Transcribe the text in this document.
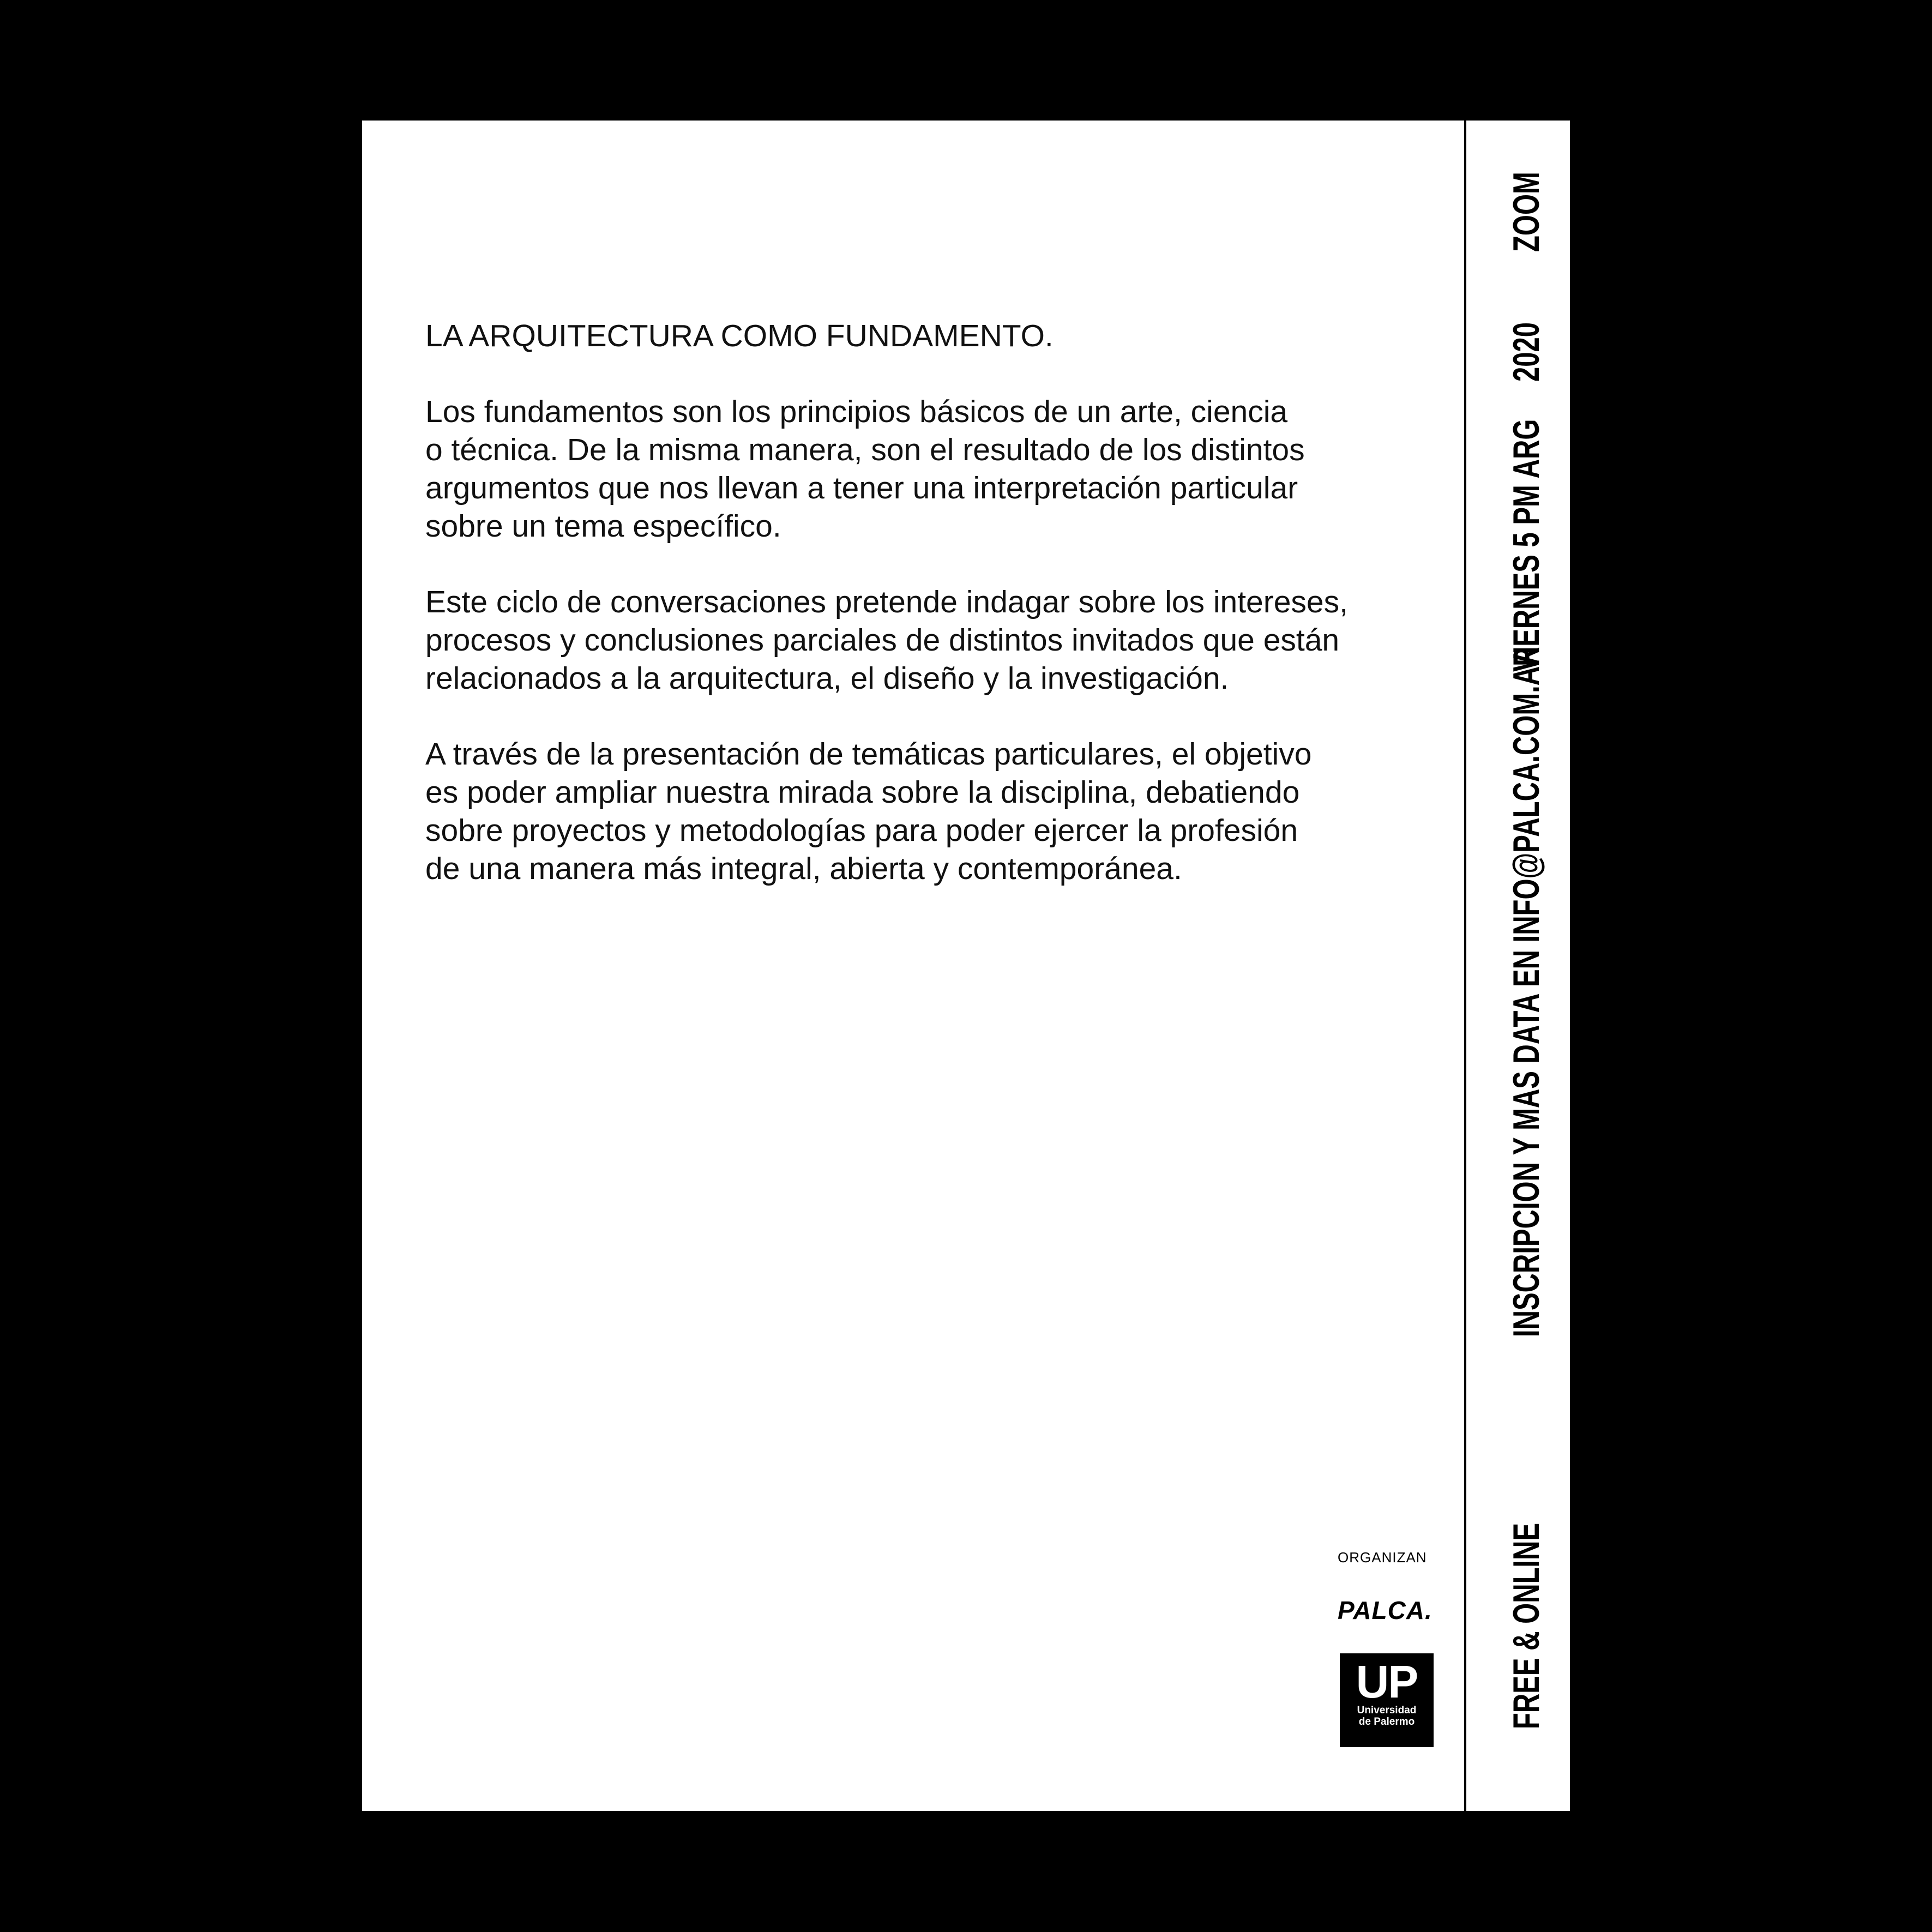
LA ARQUITECTURA COMO FUNDAMENTO.

Los fundamentos son los principios básicos de un arte, ciencia
o técnica. De la misma manera, son el resultado de los distintos
argumentos que nos llevan a tener una interpretación particular
sobre un tema específico.

Este ciclo de conversaciones pretende indagar sobre los intereses,
procesos y conclusiones parciales de distintos invitados que están
relacionados a la arquitectura, el diseño y la investigación.

A través de la presentación de temáticas particulares, el objetivo
es poder ampliar nuestra mirada sobre la disciplina, debatiendo
sobre proyectos y metodologías para poder ejercer la profesión
de una manera más integral, abierta y contemporánea.

ZOOM
2020
VIERNES 5 PM ARG
INSCRIPCION Y MAS DATA EN INFO@PALCA.COM.AR
FREE & ONLINE
ORGANIZAN
PALCA.
UP
Universidad
de Palermo
